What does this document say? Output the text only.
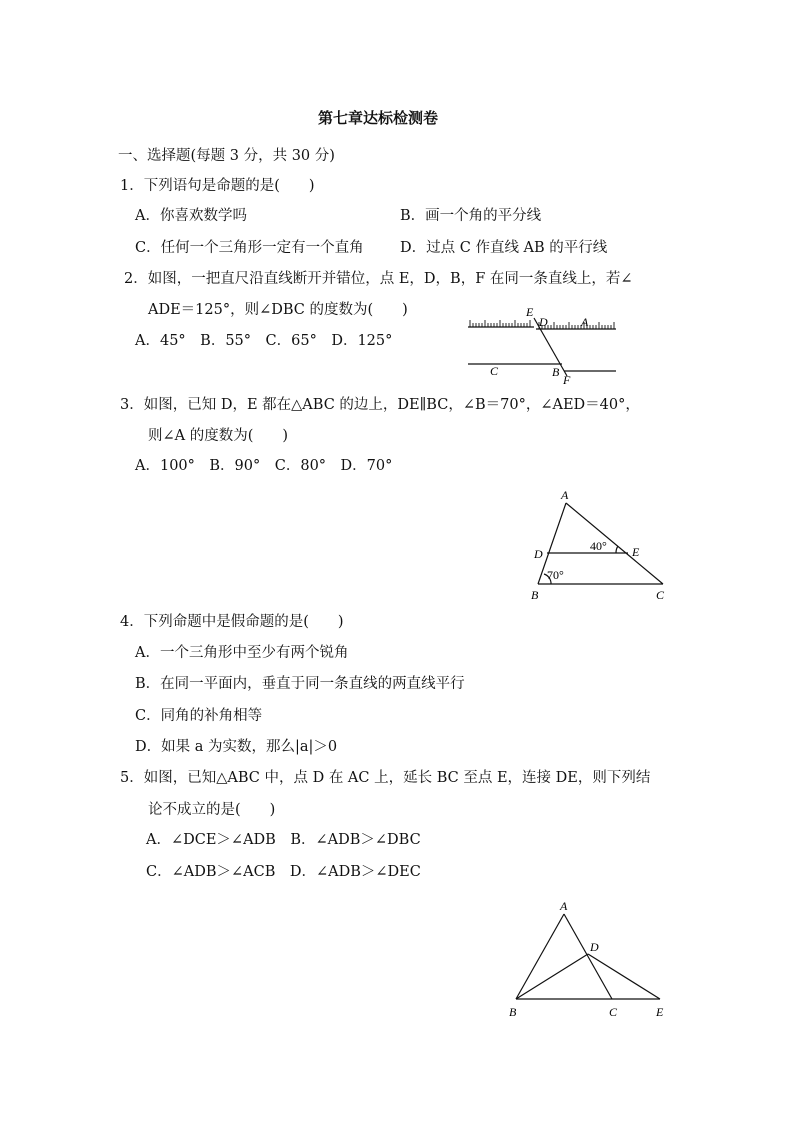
第七章达标检测卷
一、选择题(每题 3 分，共 30 分)
1．下列语句是命题的是(　　)
A．你喜欢数学吗	B．画一个角的平分线
C．任何一个三角形一定有一个直角	D．过点 C 作直线 AB 的平行线
2．如图，一把直尺沿直线断开并错位，点 E，D，B，F 在同一条直线上，若∠
ADE＝125°，则∠DBC 的度数为(　　)
A．45°　B．55°　C．65°　D．125°
E
D	A
C	B
F
3．如图，已知 D，E 都在△ABC 的边上，DE∥BC，∠B＝70°，∠AED＝40°，
则∠A 的度数为(　　)
A．100°　B．90°　C．80°　D．70°
A
D	E
B	C
40°
70°
4．下列命题中是假命题的是(　　)
A．一个三角形中至少有两个锐角
B．在同一平面内，垂直于同一条直线的两直线平行
C．同角的补角相等
D．如果 a 为实数，那么|a|＞0
5．如图，已知△ABC 中，点 D 在 AC 上，延长 BC 至点 E，连接 DE，则下列结
论不成立的是(　　)
A．∠DCE＞∠ADB　B．∠ADB＞∠DBC
C．∠ADB＞∠ACB　D．∠ADB＞∠DEC
A
D
B	C	E
